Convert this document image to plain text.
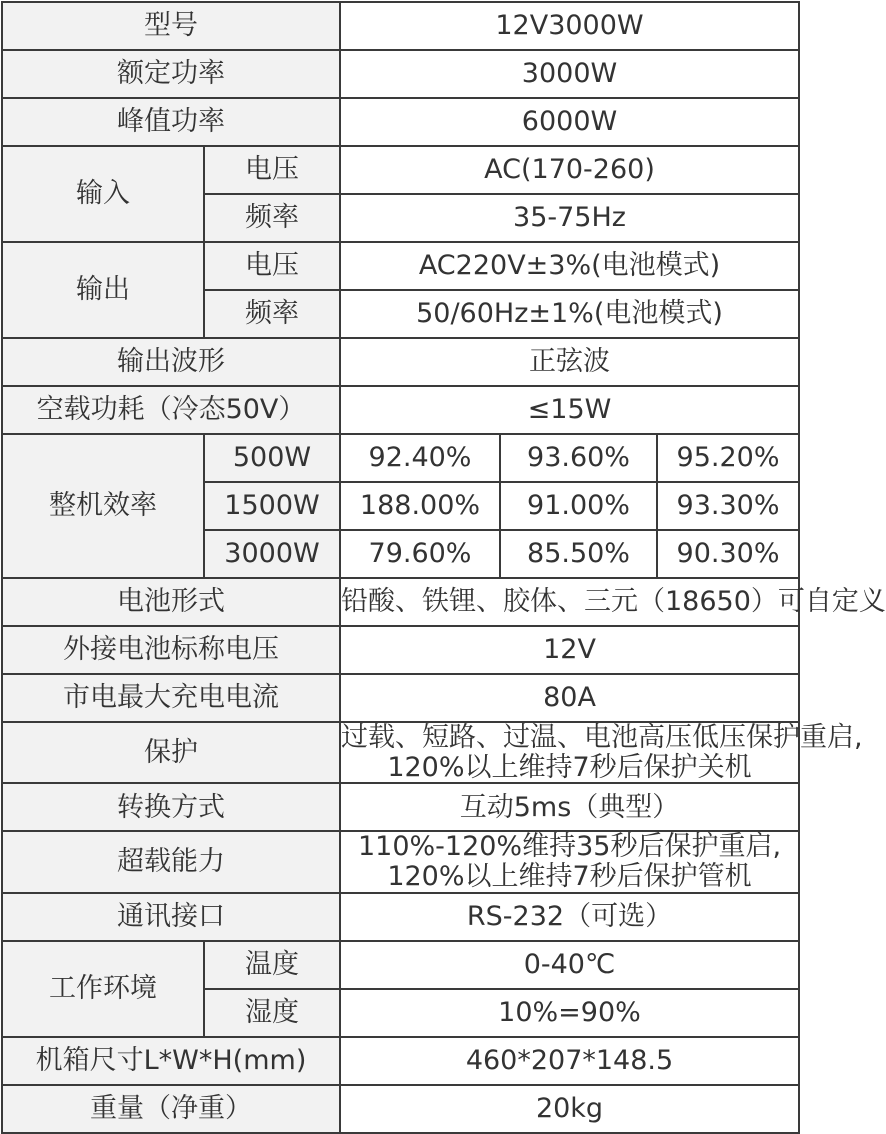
型号		12V3000W		
额定功率		3000W		
峰值功率		6000W		
输入	电压	AC(170-260)		
	频率	35-75Hz		
输出	电压	AC220V±3%(电池模式)		
	频率	50/60Hz±1%(电池模式)		
输出波形		正弦波		
空载功耗（冷态50V）		≤15W		
整机效率	500W	92.40%	93.60%	95.20%
	1500W	188.00%	91.00%	93.30%
	3000W	79.60%	85.50%	90.30%
电池形式		铅酸、铁锂、胶体、三元（18650）可自定义		
外接电池标称电压		12V		
市电最大充电电流		80A		
保护		过载、短路、过温、电池高压低压保护重启,
120%以上维持7秒后保护关机		

转换方式		互动5ms（典型）		
超载能力		110%-120%维持35秒后保护重启,
120%以上维持7秒后保护管机		

通讯接口		RS-232（可选）		
工作环境	温度	0-40℃		
	湿度	10%=90%		
机箱尺寸L*W*H(mm)		460*207*148.5		
重量（净重）		20kg		
